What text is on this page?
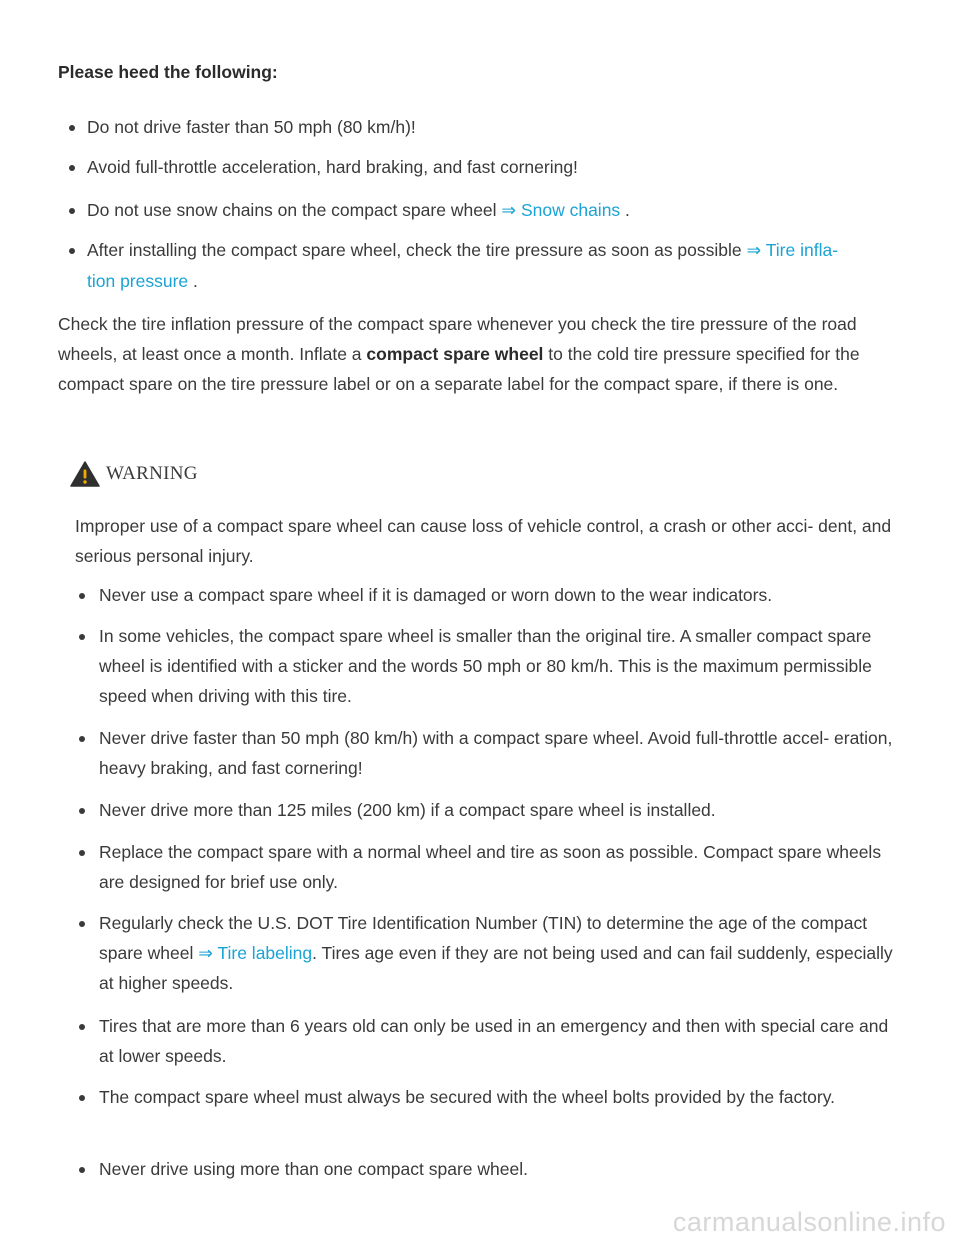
Please heed the following:
Do not drive faster than 50 mph (80 km/h)!
Avoid full-throttle acceleration, hard braking, and fast cornering!
Do not use snow chains on the compact spare wheel ⇒ Snow chains .
After installing the compact spare wheel, check the tire pressure as soon as possible ⇒ Tire infla-
tion pressure .
Check the tire inflation pressure of the compact spare whenever you check the tire pressure of the road wheels, at least once a month. Inflate a compact spare wheel to the cold tire pressure specified for the compact spare on the tire pressure label or on a separate label for the compact spare, if there is one.
WARNING
Improper use of a compact spare wheel can cause loss of vehicle control, a crash or other acci- dent, and serious personal injury.
Never use a compact spare wheel if it is damaged or worn down to the wear indicators.
In some vehicles, the compact spare wheel is smaller than the original tire. A smaller compact spare wheel is identified with a sticker and the words 50 mph or 80 km/h. This is the maximum permissible speed when driving with this tire.
Never drive faster than 50 mph (80 km/h) with a compact spare wheel. Avoid full-throttle accel- eration, heavy braking, and fast cornering!
Never drive more than 125 miles (200 km) if a compact spare wheel is installed.
Replace the compact spare with a normal wheel and tire as soon as possible. Compact spare wheels are designed for brief use only.
Regularly check the U.S. DOT Tire Identification Number (TIN) to determine the age of the compact spare wheel ⇒ Tire labeling. Tires age even if they are not being used and can fail suddenly, especially at higher speeds.
Tires that are more than 6 years old can only be used in an emergency and then with special care and at lower speeds.
The compact spare wheel must always be secured with the wheel bolts provided by the factory.
Never drive using more than one compact spare wheel.
carmanualsonline.info
